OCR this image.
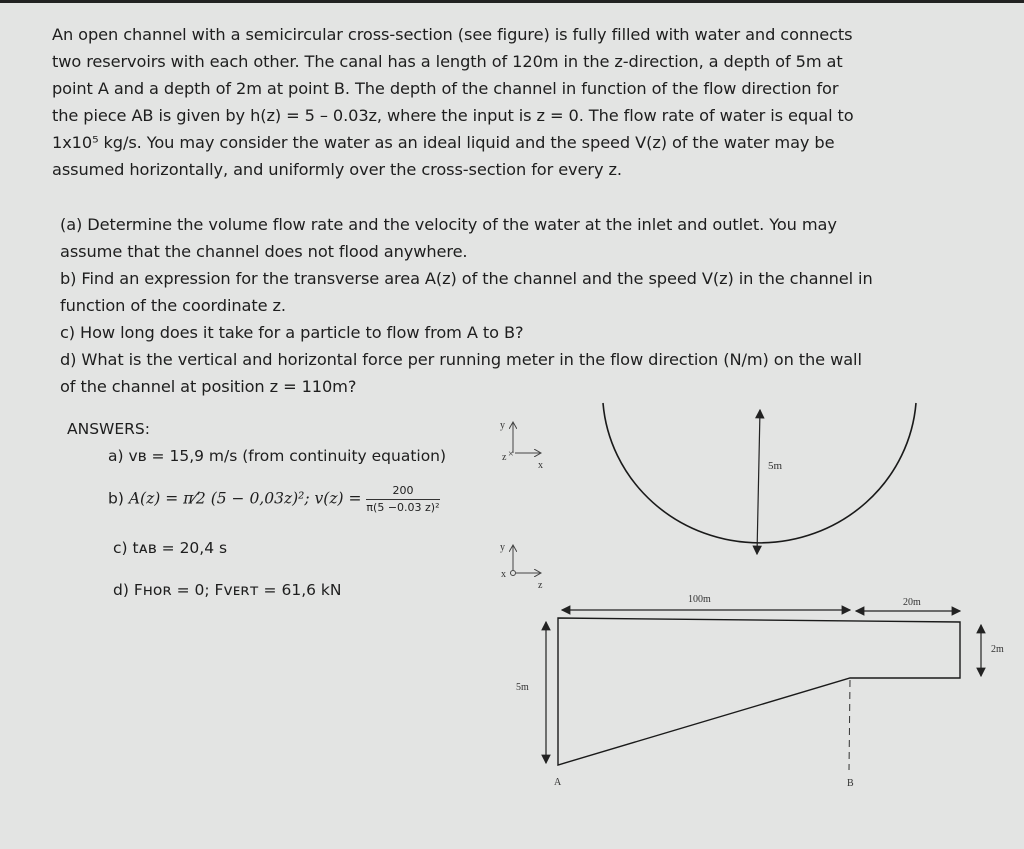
An open channel with a semicircular cross-section (see figure) is fully filled with water and connects
two reservoirs with each other. The canal has a length of 120m in the z-direction, a depth of 5m at
point A and a depth of 2m at point B. The depth of the channel in function of the flow direction for
the piece AB is given by h(z) = 5 – 0.03z, where the input is z = 0. The flow rate of water is equal to
1x10⁵ kg/s. You may consider the water as an ideal liquid and the speed V(z) of the water may be
assumed horizontally, and uniformly over the cross-section for every z.
(a) Determine the volume flow rate and the velocity of the water at the inlet and outlet. You may
assume that the channel does not flood anywhere.
b) Find an expression for the transverse area A(z) of the channel and the speed V(z) in the channel in
function of the coordinate z.
c) How long does it take for a particle to flow from A to B?
d) What is the vertical and horizontal force per running meter in the flow direction (N/m) on the wall
of the channel at position z = 110m?
ANSWERS:
a) vʙ = 15,9 m/s (from continuity equation)
b) A(z) = π⁄2 (5 − 0,03z)²; $v(z) = \frac{200}{\text{π(5 −0.03 z)²}}$
c) tᴀʙ = 20,4 s
d) Fʜᴏʀ = 0; Fᴠᴇʀᴛ = 61,6 kN
y
z
x
×
5m
y
x
z
100m	20m
5m
2m
A	B
